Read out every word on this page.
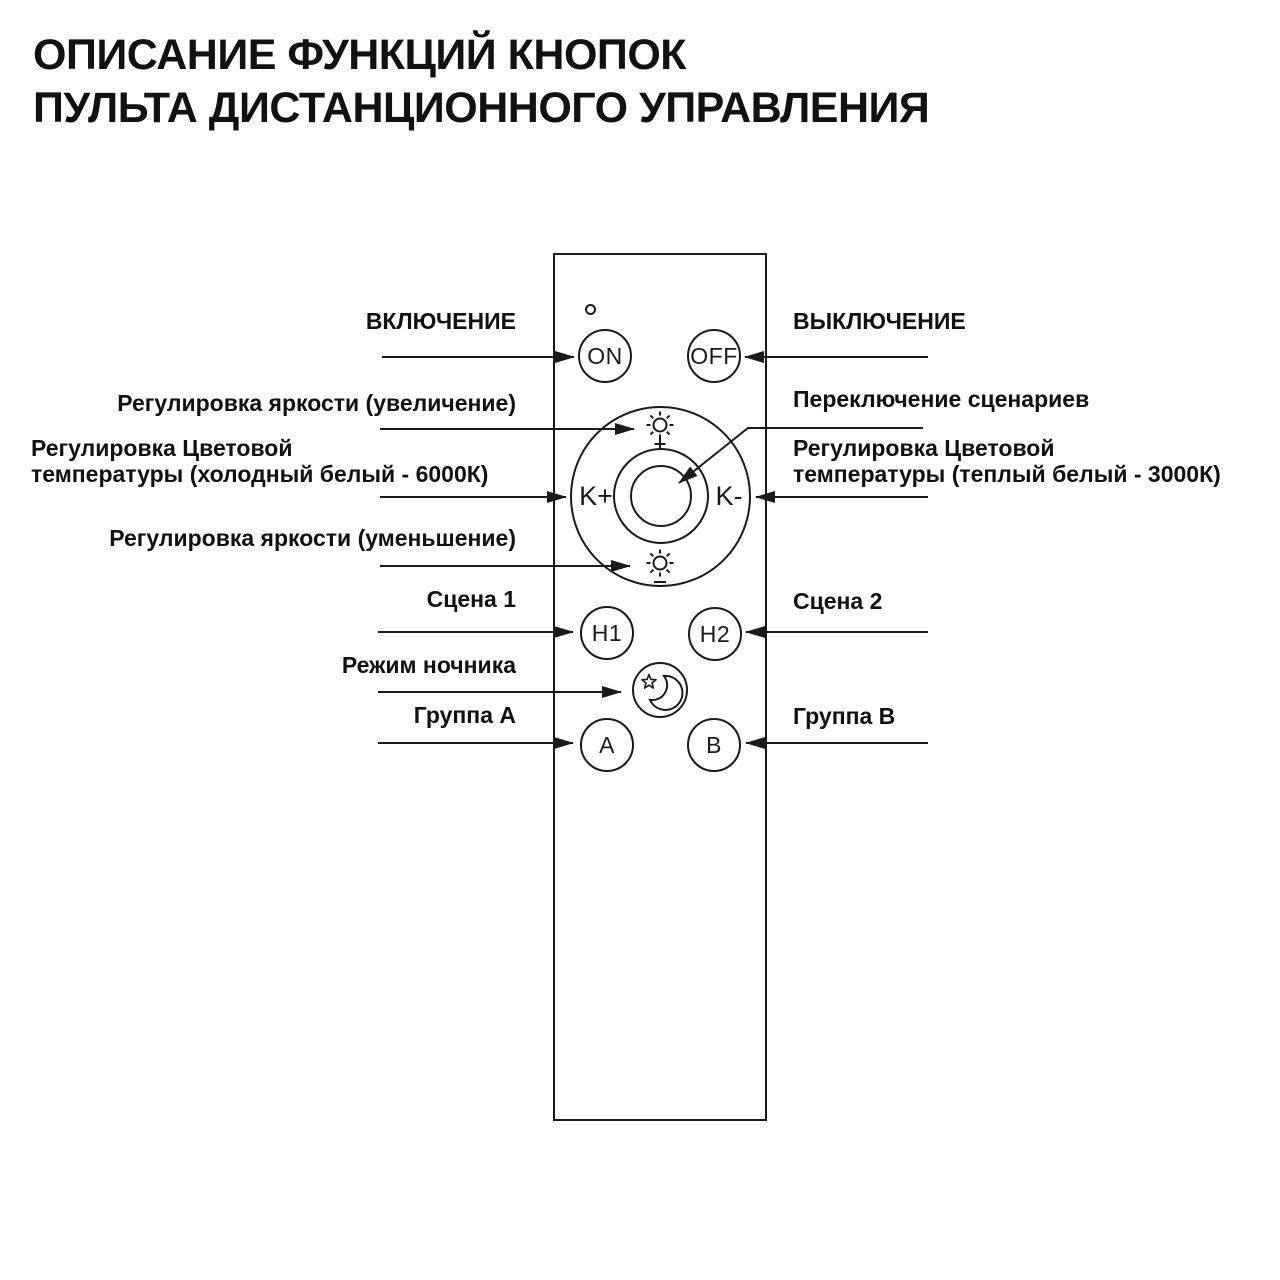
ОПИСАНИЕ ФУНКЦИЙ КНОПОК
ПУЛЬТА ДИСТАНЦИОННОГО УПРАВЛЕНИЯ
ON	OFF
K+	K-
H1	H2
A	B
ВКЛЮЧЕНИЕ
Регулировка яркости (увеличение)
Регулировка Цветовой
температуры (холодный белый - 6000К)
Регулировка яркости (уменьшение)
Сцена 1
Режим ночника
Группа A
ВЫКЛЮЧЕНИЕ
Переключение сценариев
Регулировка Цветовой
температуры (теплый белый - 3000К)
Сцена 2
Группа B
